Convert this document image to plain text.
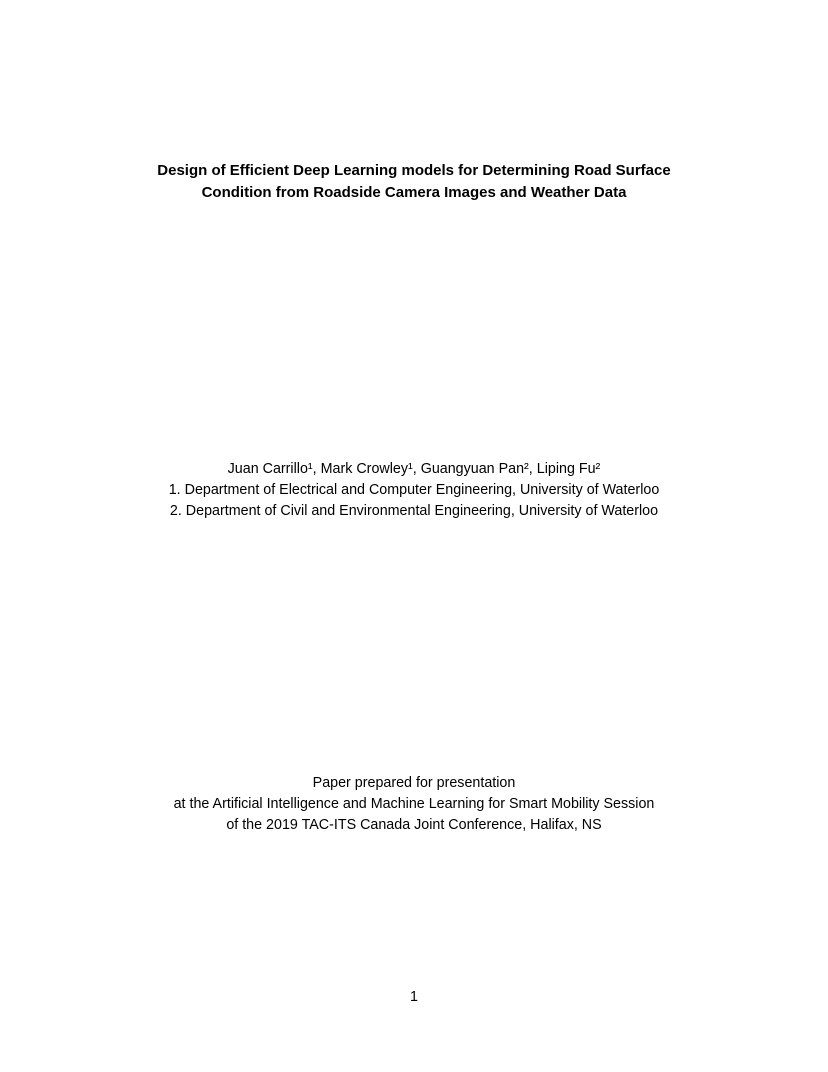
Design of Efficient Deep Learning models for Determining Road Surface
Condition from Roadside Camera Images and Weather Data
Juan Carrillo¹, Mark Crowley¹, Guangyuan Pan², Liping Fu²
1. Department of Electrical and Computer Engineering, University of Waterloo
2. Department of Civil and Environmental Engineering, University of Waterloo
Paper prepared for presentation
at the Artificial Intelligence and Machine Learning for Smart Mobility Session
of the 2019 TAC-ITS Canada Joint Conference, Halifax, NS
1
